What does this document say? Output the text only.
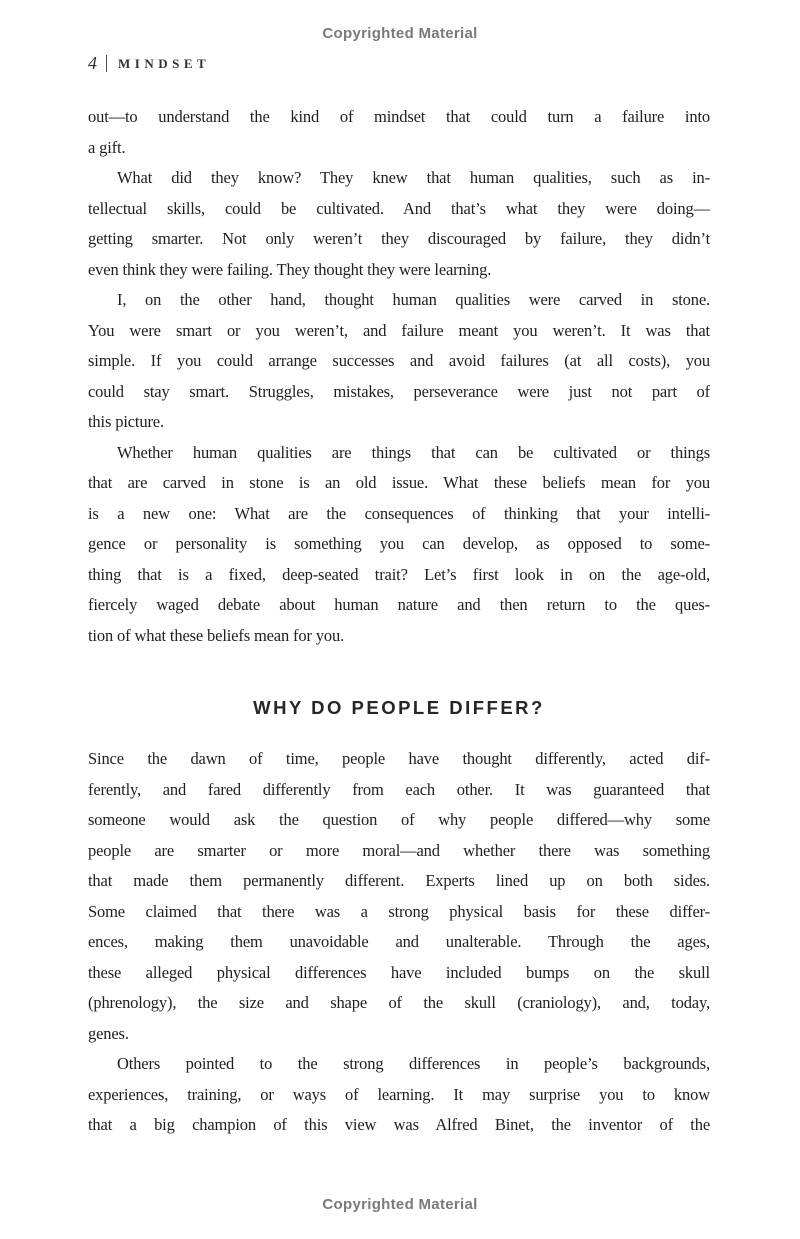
Copyrighted Material
4 MINDSET
out—to understand the kind of mindset that could turn a failure into
a gift.
What did they know? They knew that human qualities, such as in-
tellectual skills, could be cultivated. And that’s what they were doing—
getting smarter. Not only weren’t they discouraged by failure, they didn’t
even think they were failing. They thought they were learning.
I, on the other hand, thought human qualities were carved in stone.
You were smart or you weren’t, and failure meant you weren’t. It was that
simple. If you could arrange successes and avoid failures (at all costs), you
could stay smart. Struggles, mistakes, perseverance were just not part of
this picture.
Whether human qualities are things that can be cultivated or things
that are carved in stone is an old issue. What these beliefs mean for you
is a new one: What are the consequences of thinking that your intelli-
gence or personality is something you can develop, as opposed to some-
thing that is a fixed, deep-seated trait? Let’s first look in on the age-old,
fiercely waged debate about human nature and then return to the ques-
tion of what these beliefs mean for you.
WHY DO PEOPLE DIFFER?
Since the dawn of time, people have thought differently, acted dif-
ferently, and fared differently from each other. It was guaranteed that
someone would ask the question of why people differed—why some
people are smarter or more moral—and whether there was something
that made them permanently different. Experts lined up on both sides.
Some claimed that there was a strong physical basis for these differ-
ences, making them unavoidable and unalterable. Through the ages,
these alleged physical differences have included bumps on the skull
(phrenology), the size and shape of the skull (craniology), and, today,
genes.
Others pointed to the strong differences in people’s backgrounds,
experiences, training, or ways of learning. It may surprise you to know
that a big champion of this view was Alfred Binet, the inventor of the
Copyrighted Material
